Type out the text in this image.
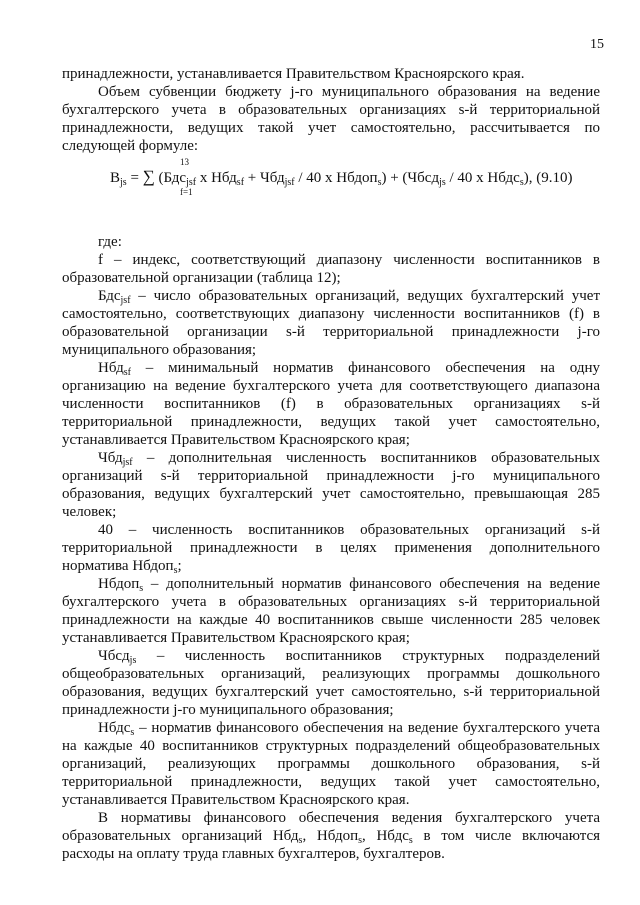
15

принадлежности, устанавливается Правительством Красноярского края.

Объем субвенции бюджету j-го муниципального образования на ведение бухгалтерского учета в образовательных организациях s-й территориальной принадлежности, ведущих такой учет самостоятельно, рассчитывается по следующей формуле:

13
$В_{js}$ = ∑ (Бдс$_{jsf}$ x Нбд$_{sf}$ + Чбд$_{jsf}$ / 40 x Нбдоп$_s$) + (Чбсд$_{js}$ / 40 x Нбдс$_s$), (9.10)
f=1

где:

f – индекс, соответствующий диапазону численности воспитанников в образовательной организации (таблица 12);

Бдс$_{jsf}$ – число образовательных организаций, ведущих бухгалтерский учет самостоятельно, соответствующих диапазону численности воспитанников (f) в образовательной организации s-й территориальной принадлежности j-го муниципального образования;

Нбд$_{sf}$ – минимальный норматив финансового обеспечения на одну организацию на ведение бухгалтерского учета для соответствующего диапазона численности воспитанников (f) в образовательных организациях s-й территориальной принадлежности, ведущих такой учет самостоятельно, устанавливается Правительством Красноярского края;

Чбд$_{jsf}$ – дополнительная численность воспитанников образовательных организаций s-й территориальной принадлежности j-го муниципального образования, ведущих бухгалтерский учет самостоятельно, превышающая 285 человек;

40 – численность воспитанников образовательных организаций s-й территориальной принадлежности в целях применения дополнительного норматива Нбдоп$_s$;

Нбдоп$_s$ – дополнительный норматив финансового обеспечения на ведение бухгалтерского учета в образовательных организациях s-й территориальной принадлежности на каждые 40 воспитанников свыше численности 285 человек устанавливается Правительством Красноярского края;

Чбсд$_{js}$ – численность воспитанников структурных подразделений общеобразовательных организаций, реализующих программы дошкольного образования, ведущих бухгалтерский учет самостоятельно, s-й территориальной принадлежности j-го муниципального образования;

Нбдс$_s$ – норматив финансового обеспечения на ведение бухгалтерского учета на каждые 40 воспитанников структурных подразделений общеобразовательных организаций, реализующих программы дошкольного образования, s-й территориальной принадлежности, ведущих такой учет самостоятельно, устанавливается Правительством Красноярского края.

В нормативы финансового обеспечения ведения бухгалтерского учета образовательных организаций Нбд$_s$, Нбдоп$_s$, Нбдс$_s$ в том числе включаются расходы на оплату труда главных бухгалтеров, бухгалтеров.
